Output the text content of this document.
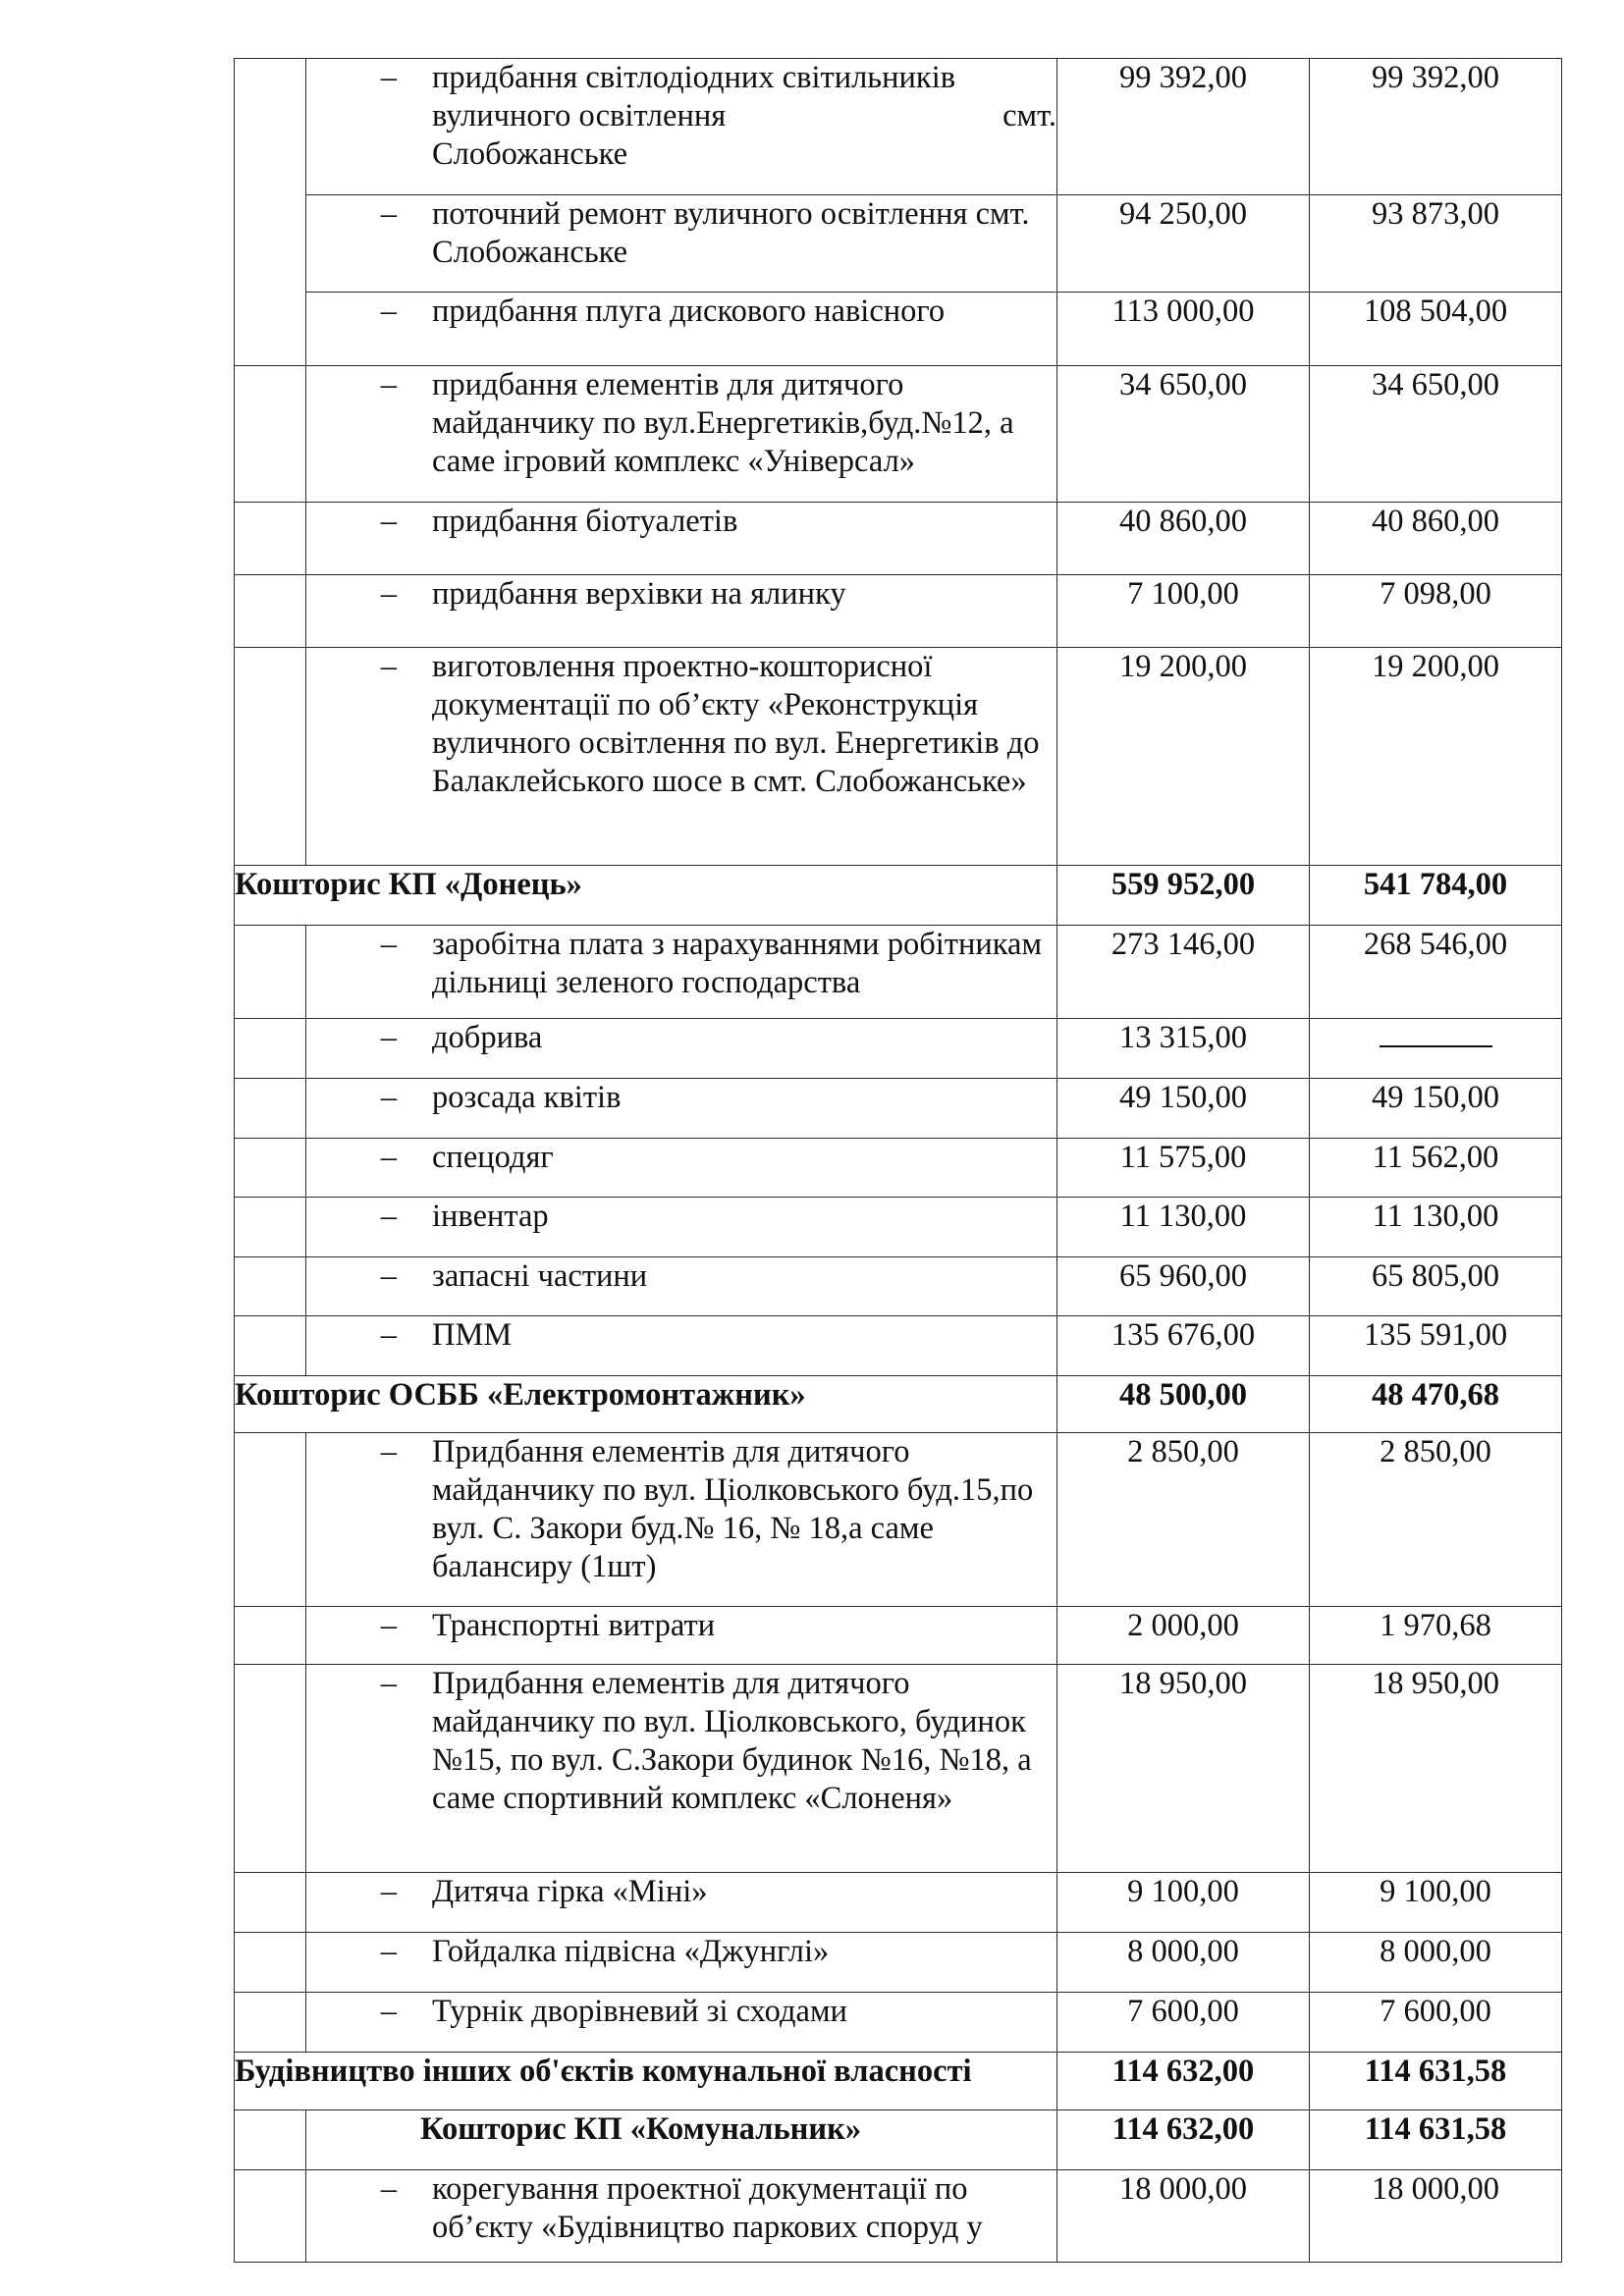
	– придбання світлодіодних світильників

вуличного освітлення смт.
Слобожанське	99 392,00	99 392,00

	– поточний ремонт вуличного освітлення смт. Слобожанське	94 250,00	93 873,00

	– придбання плуга дискового навісного	113 000,00	108 504,00

	– придбання елементів для дитячого майданчику по вул.Енергетиків,буд.№12, а саме ігровий комплекс «Універсал»	34 650,00	34 650,00

	– придбання біотуалетів	40 860,00	40 860,00

	– придбання верхівки на ялинку	7 100,00	7 098,00

	– виготовлення проектно-кошторисної документації по об’єкту «Реконструкція вуличного освітлення по вул. Енергетиків до Балаклейського шосе в смт. Слобожанське»	19 200,00	19 200,00
Кошторис КП «Донець»		559 952,00	541 784,00

	– заробітна плата з нарахуваннями робітникам дільниці зеленого господарства	273 146,00	268 546,00

	– добрива	13 315,00	

	– розсада квітів	49 150,00	49 150,00

	– спецодяг	11 575,00	11 562,00

	– інвентар	11 130,00	11 130,00

	– запасні частини	65 960,00	65 805,00

	– ПММ	135 676,00	135 591,00
Кошторис ОСББ «Електромонтажник»		48 500,00	48 470,68

	– Придбання елементів для дитячого майданчику по вул. Ціолковського буд.15,по вул. С. Закори буд.№ 16, № 18,а саме балансиру (1шт)	2 850,00	2 850,00

	– Транспортні витрати	2 000,00	1 970,68

	– Придбання елементів для дитячого майданчику по вул. Ціолковського, будинок №15, по вул. С.Закори будинок №16, №18, а саме спортивний комплекс «Слоненя»	18 950,00	18 950,00

	– Дитяча гірка «Міні»	9 100,00	9 100,00

	– Гойдалка підвісна «Джунглі»	8 000,00	8 000,00

	– Турнік дворівневий зі сходами	7 600,00	7 600,00
Будівництво інших об'єктів комунальної власності		114 632,00	114 631,58
	Кошторис КП «Комунальник»	114 632,00	114 631,58

	– корегування проектної документації по об’єкту «Будівництво паркових споруд у	18 000,00	18 000,00
